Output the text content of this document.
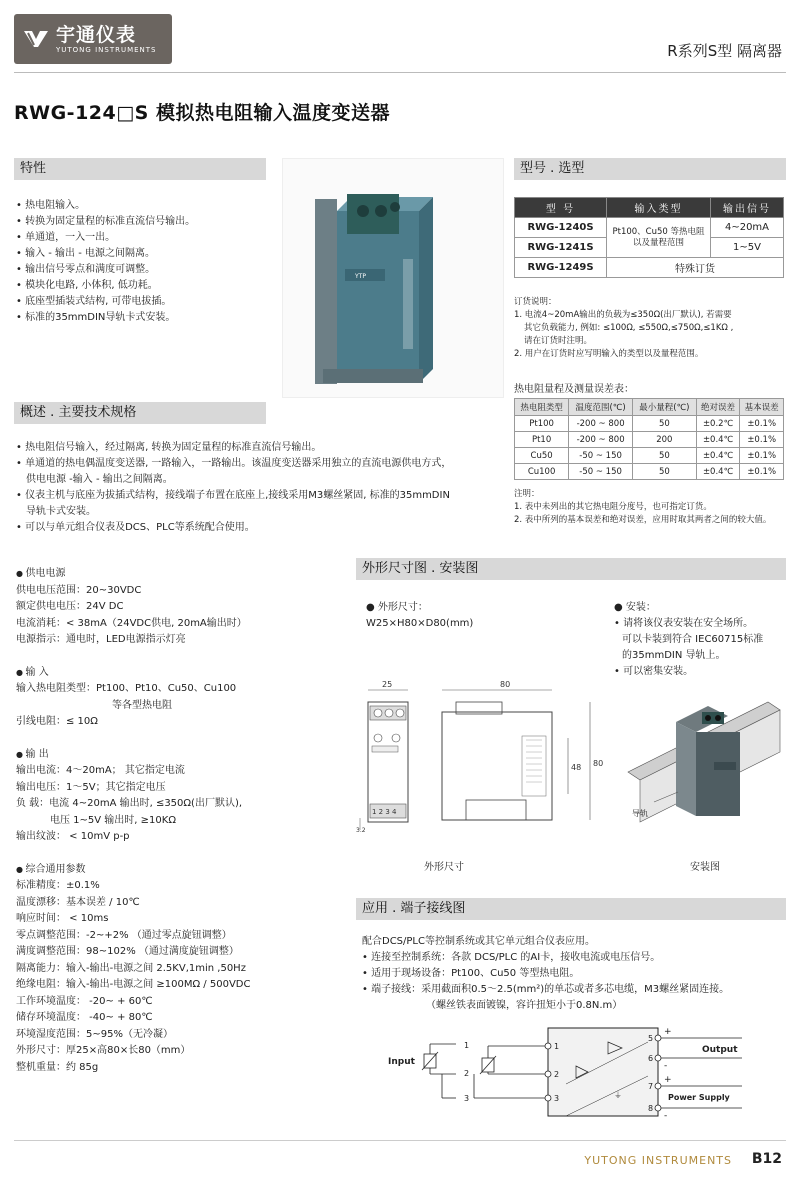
宇通仪表
YUTONG INSTRUMENTS	R系列S型 隔离器
RWG-124□S 模拟热电阻输入温度变送器
特性
• 热电阻输入。
• 转换为固定量程的标准直流信号输出。
• 单通道，一入一出。
• 输入 - 输出 - 电源之间隔离。
• 输出信号零点和满度可调整。
• 模块化电路, 小体积, 低功耗。
• 底座型插装式结构, 可带电拔插。
• 标准的35mmDIN导轨卡式安装。
YTP
型号 . 选型
型 号	输入类型	输出信号
RWG-1240S	Pt100、Cu50 等热电阻以及量程范围	4~20mA
RWG-1241S		1~5V
RWG-1249S	特殊订货	
订货说明：
1. 电流4~20mA输出的负载为≤350Ω(出厂默认), 若需要
其它负载能力, 例如: ≤100Ω, ≤550Ω,≤750Ω,≤1KΩ ,
请在订货时注明。
2. 用户在订货时应写明输入的类型以及量程范围。
热电阻量程及测量误差表：
热电阻类型	温度范围(℃)	最小量程(℃)	绝对误差	基本误差
Pt100	-200 ~ 800	50	±0.2℃	±0.1%
Pt10	-200 ~ 800	200	±0.4℃	±0.1%
Cu50	-50 ~ 150	50	±0.4℃	±0.1%
Cu100	-50 ~ 150	50	±0.4℃	±0.1%
注明：
1. 表中未列出的其它热电阻分度号，也可指定订货。
2. 表中所列的基本误差和绝对误差，应用时取其两者之间的较大值。
概述 . 主要技术规格
• 热电阻信号输入，经过隔离, 转换为固定量程的标准直流信号输出。
• 单通道的热电偶温度变送器, 一路输入，一路输出。该温度变送器采用独立的直流电源供电方式，
供电电源 -输入 - 输出之间隔离。
• 仪表主机与底座为拔插式结构，接线端子布置在底座上,接线采用M3螺丝紧固, 标准的35mmDIN
导轨卡式安装。
• 可以与单元组合仪表及DCS、PLC等系统配合使用。
● 供电电源
供电电压范围：20~30VDC
额定供电电压：24V DC
电流消耗：< 38mA（24VDC供电, 20mA输出时）
电源指示：通电时，LED电源指示灯亮
● 输 入
输入热电阻类型：Pt100、Pt10、Cu50、Cu100
等各型热电阻
引线电阻：≤ 10Ω
● 输 出
输出电流：4～20mA； 其它指定电流
输出电压：1～5V；其它指定电压
负 载：电流 4~20mA 输出时, ≤350Ω(出厂默认),
电压 1~5V 输出时, ≥10KΩ
输出纹波： < 10mV p-p
● 综合通用参数
标准精度：±0.1%
温度漂移：基本误差 / 10℃
响应时间： < 10ms
零点调整范围：-2~+2% （通过零点旋钮调整）
满度调整范围：98~102% （通过满度旋钮调整）
隔离能力：输入-输出-电源之间 2.5KV,1min ,50Hz
绝缘电阻：输入-输出-电源之间 ≥100MΩ / 500VDC
工作环境温度： -20~ + 60℃
储存环境温度： -40~ + 80℃
环境湿度范围：5~95%（无冷凝）
外形尺寸：厚25×高80×长80（mm）
整机重量：约 85g
外形尺寸图 . 安装图
● 外形尺寸：
W25×H80×D80(mm)
25
1 2 3 4
3.2
80
48 80
外形尺寸
● 安装：
• 请将该仪表安装在安全场所。
可以卡装到符合 IEC60715标准
的35mmDIN 导轨上。
• 可以密集安装。
导轨
安装图
应用 . 端子接线图
配合DCS/PLC等控制系统或其它单元组合仪表应用。
• 连接至控制系统：各款 DCS/PLC 的AI卡，接收电流或电压信号。
• 适用于现场设备：Pt100、Cu50 等型热电阻。
• 端子接线：采用截面积0.5～2.5(mm²)的单芯或者多芯电缆，M3螺丝紧固连接。
（螺丝铁表面镀镍，容许扭矩小于0.8N.m）
Input
1
2
3
1
2
3	⏚
5
6
7
8
+
-
+
-
Output
Power Supply
YUTONG INSTRUMENTS B12
